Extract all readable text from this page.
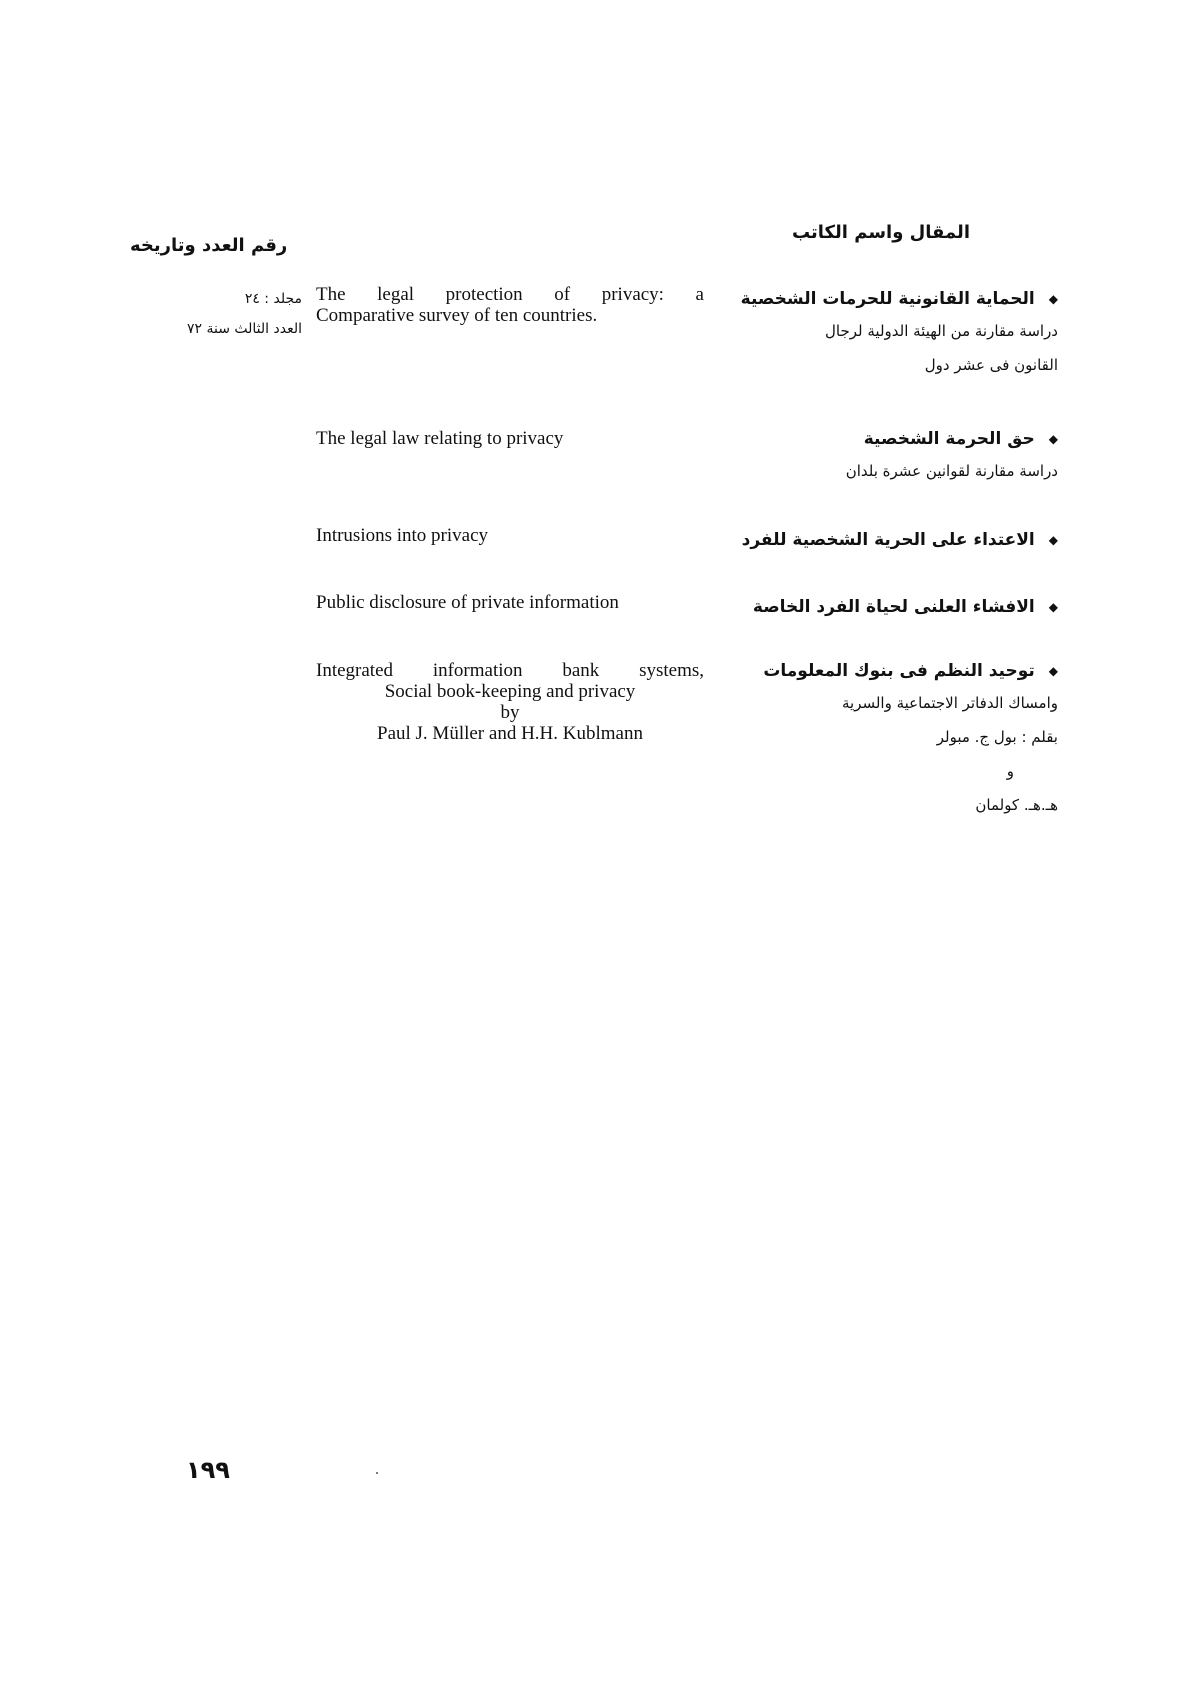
المقال واسم الكاتب
رقم العدد وتاريخه
◆الحماية القانونية للحرمات الشخصية
دراسة مقارنة من الهيئة الدولية لرجال
القانون فى عشر دول
The legal protection of privacy: a
Comparative survey of ten countries.
مجلد : ٢٤
العدد الثالث سنة ٧٢
◆حق الحرمة الشخصية
دراسة مقارنة لقوانين عشرة بلدان
The legal law relating to privacy
◆الاعتداء على الحرية الشخصية للفرد
Intrusions into privacy
◆الافشاء العلنى لحياة الفرد الخاصة
Public disclosure of private information
◆توحيد النظم فى بنوك المعلومات
وامساك الدفاتر الاجتماعية والسرية
بقلم : بول ج. مبولر
و
هـ.هـ. كولمان
Integrated information bank systems,
Social book-keeping and privacy
by
Paul J. Müller and H.H. Kublmann
١٩٩
